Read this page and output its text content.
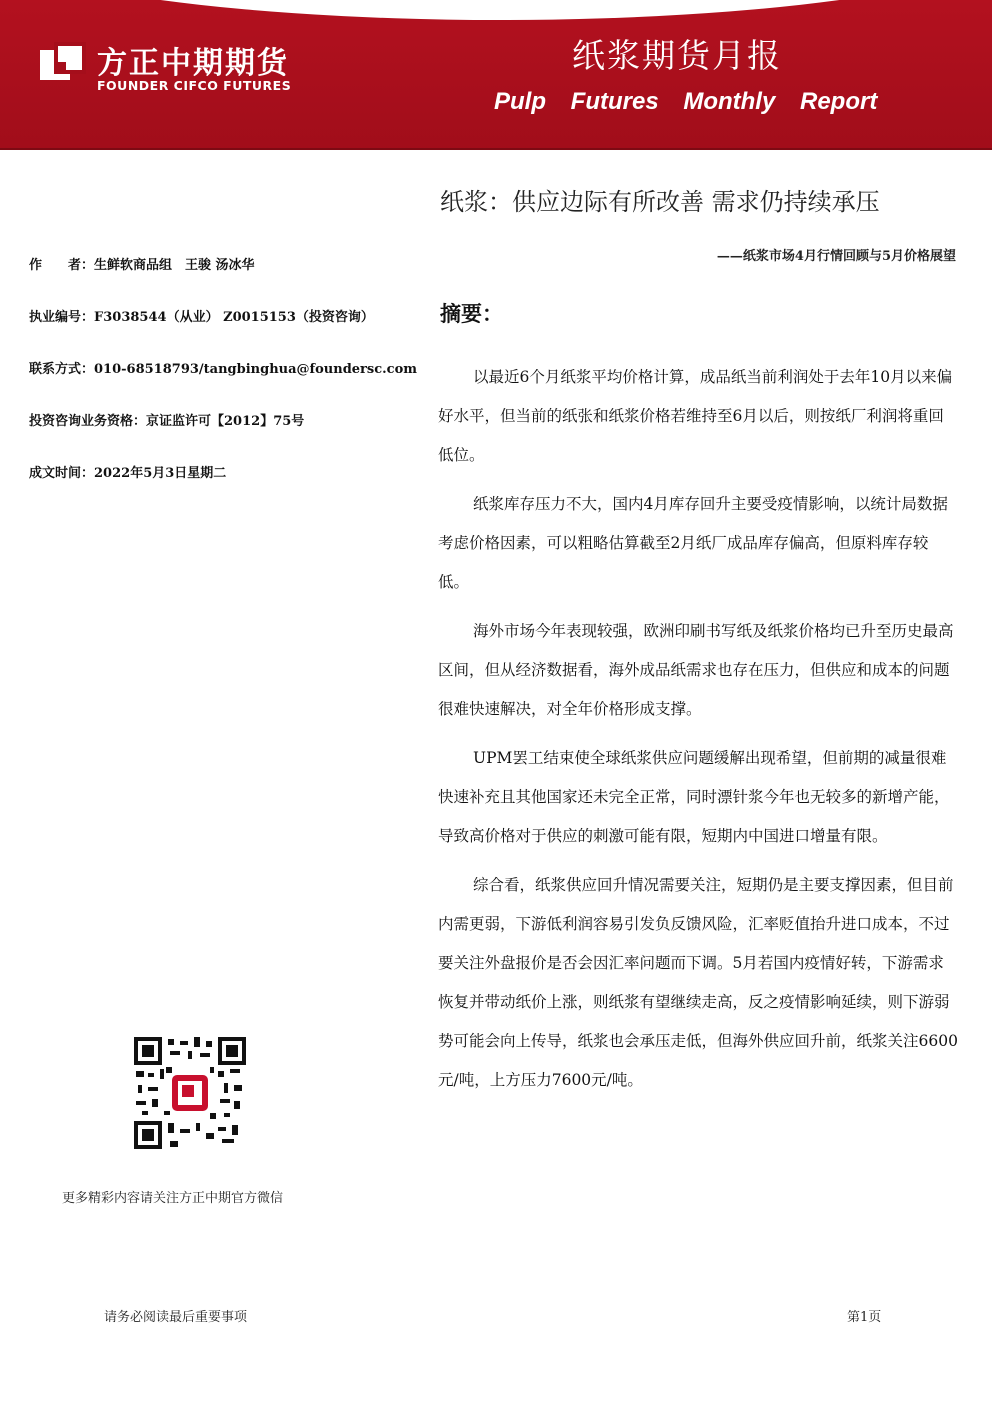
方正中期期货
FOUNDER CIFCO FUTURES
纸浆期货月报
Pulp Futures Monthly Report
纸浆：供应边际有所改善 需求仍持续承压
——纸浆市场4月行情回顾与5月价格展望
作　　者：生鲜软商品组　王骏 汤冰华
执业编号：F3038544（从业） Z0015153（投资咨询）
联系方式：010-68518793/tangbinghua@foundersc.com
投资咨询业务资格：京证监许可【2012】75号
成文时间：2022年5月3日星期二
摘要：

以最近6个月纸浆平均价格计算，成品纸当前利润处于去年10月以来偏好水平，但当前的纸张和纸浆价格若维持至6月以后，则按纸厂利润将重回低位。

纸浆库存压力不大，国内4月库存回升主要受疫情影响，以统计局数据考虑价格因素，可以粗略估算截至2月纸厂成品库存偏高，但原料库存较低。

海外市场今年表现较强，欧洲印刷书写纸及纸浆价格均已升至历史最高区间，但从经济数据看，海外成品纸需求也存在压力，但供应和成本的问题很难快速解决，对全年价格形成支撑。

UPM罢工结束使全球纸浆供应问题缓解出现希望，但前期的减量很难快速补充且其他国家还未完全正常，同时漂针浆今年也无较多的新增产能，导致高价格对于供应的刺激可能有限，短期内中国进口增量有限。

综合看，纸浆供应回升情况需要关注，短期仍是主要支撑因素，但目前内需更弱，下游低利润容易引发负反馈风险，汇率贬值抬升进口成本，不过要关注外盘报价是否会因汇率问题而下调。5月若国内疫情好转，下游需求恢复并带动纸价上涨，则纸浆有望继续走高，反之疫情影响延续，则下游弱势可能会向上传导，纸浆也会承压走低，但海外供应回升前，纸浆关注6600元/吨，上方压力7600元/吨。

更多精彩内容请关注方正中期官方微信
请务必阅读最后重要事项	第1页
